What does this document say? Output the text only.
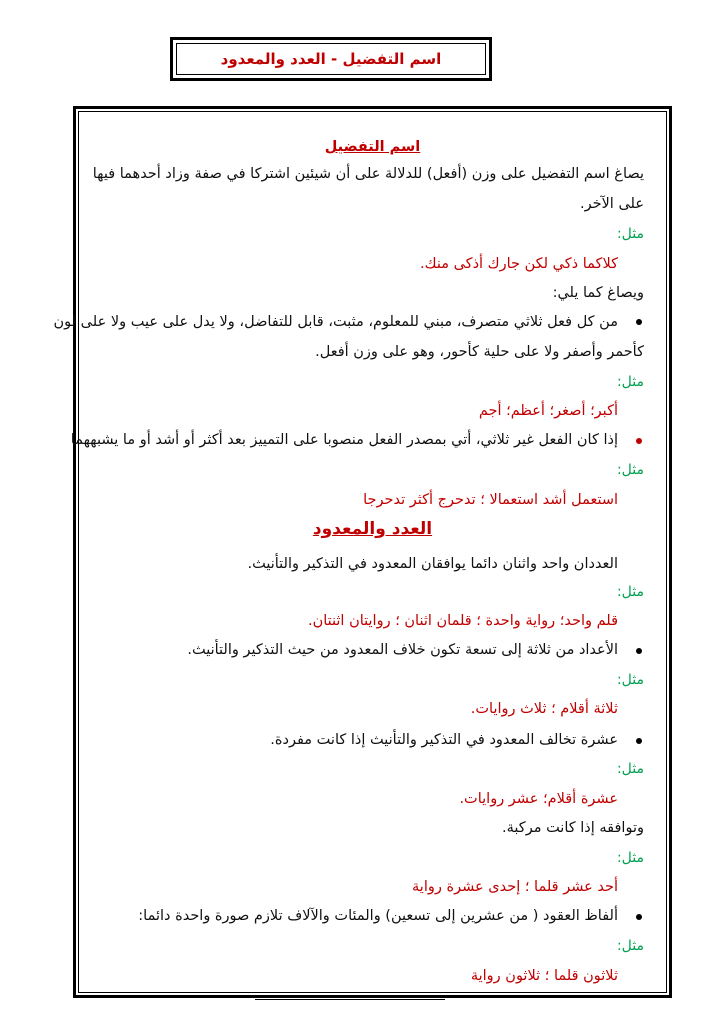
اسم التفضيل - العدد والمعدود
اسم التفضيل
يصاغ اسم التفضيل على وزن (أفعل) للدلالة على أن شيئين اشتركا في صفة وزاد أحدهما فيها
على الآخر.
مثل:
كلاكما ذكي لكن جارك أذكى منك.
ويصاغ كما يلي:
من كل فعل ثلاثي متصرف، مبني للمعلوم، مثبت، قابل للتفاضل، ولا يدل على عيب ولا على لون
كأحمر وأصفر ولا على حلية كأحور، وهو على وزن أفعل.
مثل:
أكبر؛ أصغر؛ أعظم؛ أجم
إذا كان الفعل غير ثلاثي، أتي بمصدر الفعل منصوبا على التمييز بعد أكثر أو أشد أو ما يشبههما
مثل:
استعمل أشد استعمالا ؛ تدحرج أكثر تدحرجا
العدد والمعدود
العددان واحد واثنان دائما يوافقان المعدود في التذكير والتأنيث.
مثل:
قلم واحد؛ رواية واحدة ؛ قلمان اثنان ؛ روايتان اثنتان.
الأعداد من ثلاثة إلى تسعة تكون خلاف المعدود من حيث التذكير والتأنيث.
مثل:
ثلاثة أقلام ؛ ثلاث روايات.
عشرة تخالف المعدود في التذكير والتأنيث إذا كانت مفردة.
مثل:
عشرة أقلام؛ عشر روايات.
وتوافقه إذا كانت مركبة.
مثل:
أحد عشر قلما ؛ إحدى عشرة رواية
ألفاظ العقود ( من عشرين إلى تسعين) والمئات والآلاف تلازم صورة واحدة دائما:
مثل:
ثلاثون قلما ؛ ثلاثون رواية
